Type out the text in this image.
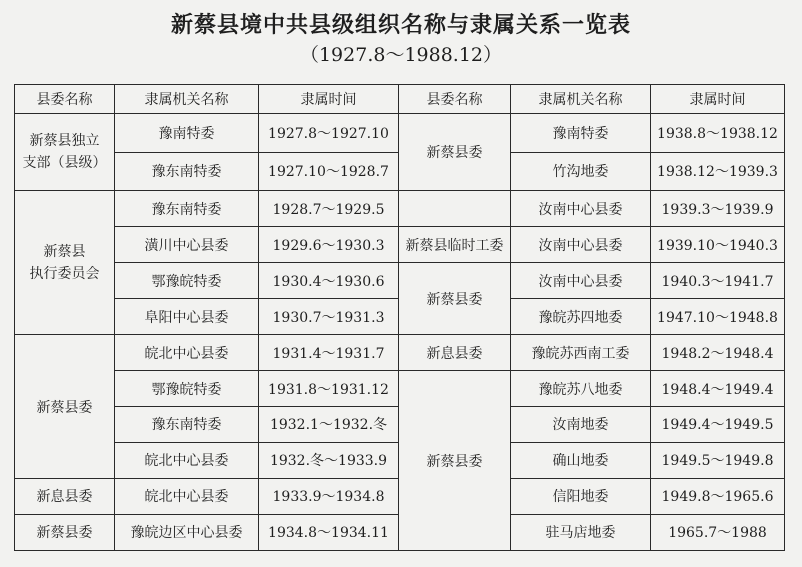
新蔡县境中共县级组织名称与隶属关系一览表
（1927.8～1988.12）
县委名称	隶属机关名称	隶属时间	县委名称	隶属机关名称	隶属时间

新蔡县独立
支部（县级）	豫南特委	1927.8～1927.10	新蔡县委	豫南特委	1938.8～1938.12
	豫东南特委	1927.10～1928.7		竹沟地委	1938.12～1939.3

新蔡县
执行委员会	豫东南特委	1928.7～1929.5		汝南中心县委	1939.3～1939.9
	潢川中心县委	1929.6～1930.3	新蔡县临时工委	汝南中心县委	1939.10～1940.3
	鄂豫皖特委	1930.4～1930.6	新蔡县委	汝南中心县委	1940.3～1941.7
	阜阳中心县委	1930.7～1931.3		豫皖苏四地委	1947.10～1948.8
新蔡县委	皖北中心县委	1931.4～1931.7	新息县委	豫皖苏西南工委	1948.2～1948.4
	鄂豫皖特委	1931.8～1931.12	新蔡县委	豫皖苏八地委	1948.4～1949.4
	豫东南特委	1932.1～1932.冬		汝南地委	1949.4～1949.5
	皖北中心县委	1932.冬～1933.9		确山地委	1949.5～1949.8
新息县委	皖北中心县委	1933.9～1934.8		信阳地委	1949.8～1965.6
新蔡县委	豫皖边区中心县委	1934.8～1934.11		驻马店地委	1965.7～1988
